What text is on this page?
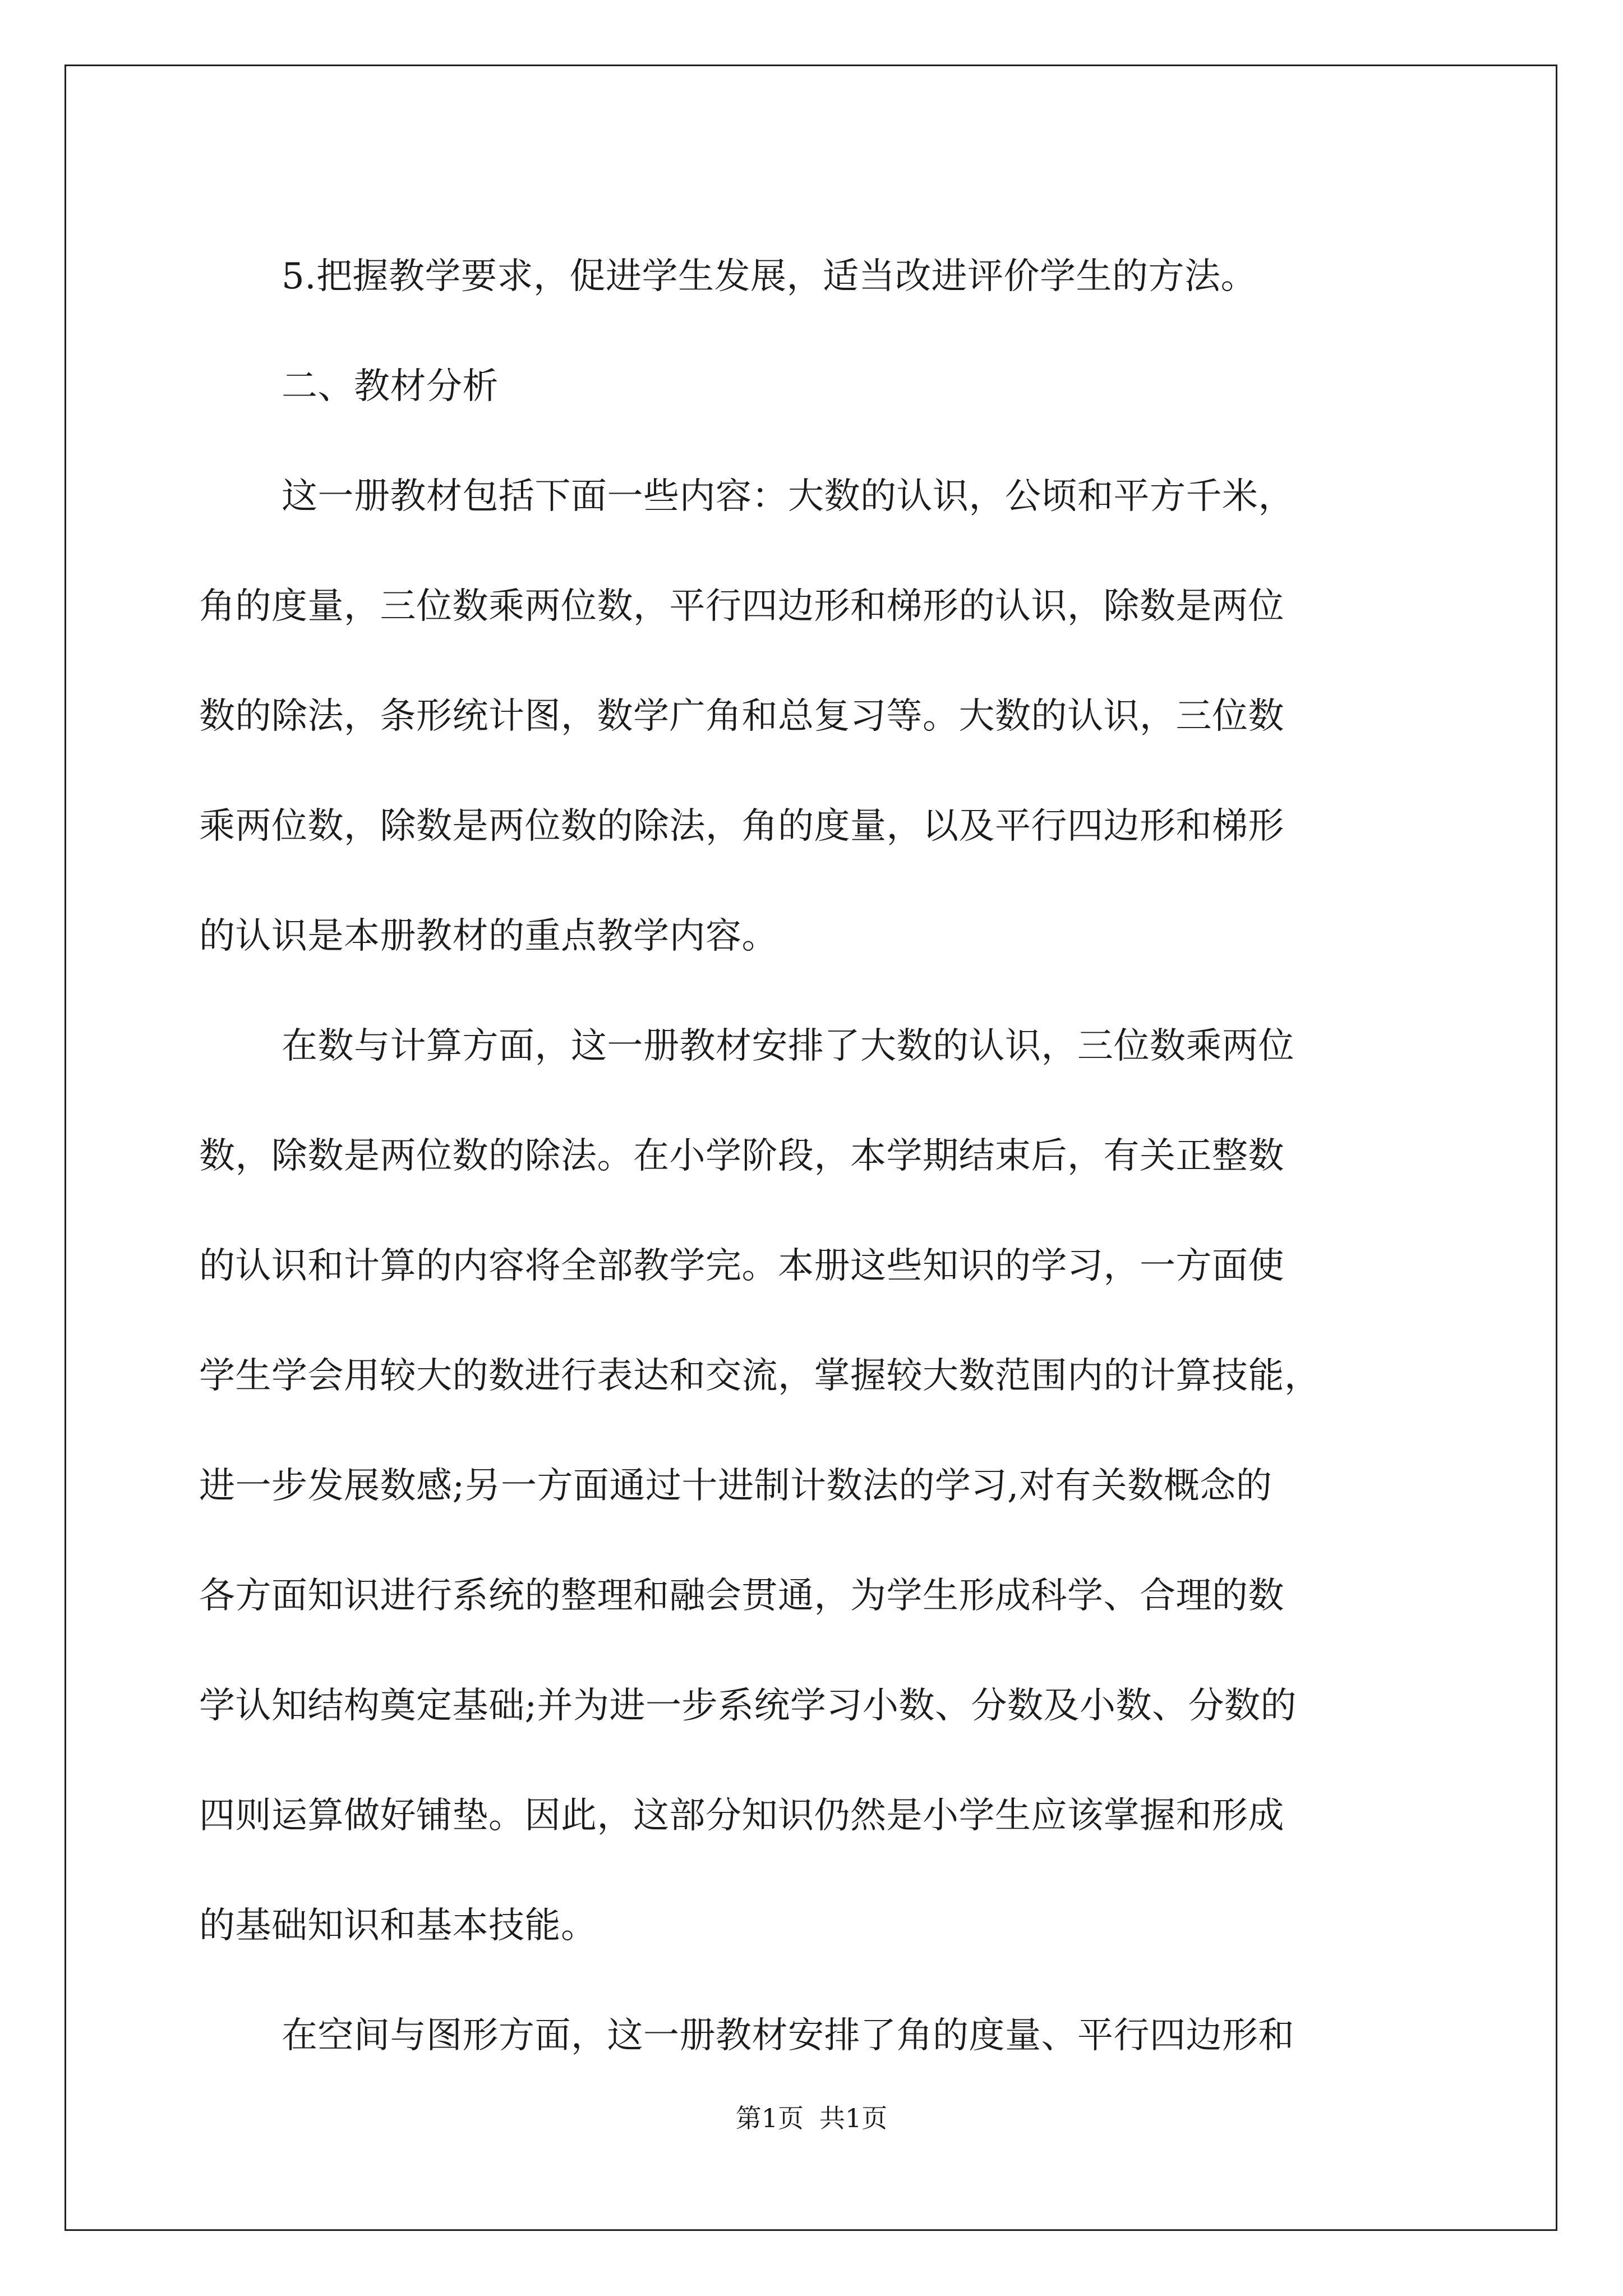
5.把握教学要求，促进学生发展，适当改进评价学生的方法。

二、教材分析

这一册教材包括下面一些内容：大数的认识，公顷和平方千米，
角的度量，三位数乘两位数，平行四边形和梯形的认识，除数是两位
数的除法，条形统计图，数学广角和总复习等。大数的认识，三位数
乘两位数，除数是两位数的除法，角的度量，以及平行四边形和梯形
的认识是本册教材的重点教学内容。

在数与计算方面，这一册教材安排了大数的认识，三位数乘两位
数，除数是两位数的除法。在小学阶段，本学期结束后，有关正整数
的认识和计算的内容将全部教学完。本册这些知识的学习，一方面使
学生学会用较大的数进行表达和交流，掌握较大数范围内的计算技能，
进一步发展数感;另一方面通过十进制计数法的学习,对有关数概念的
各方面知识进行系统的整理和融会贯通，为学生形成科学、合理的数
学认知结构奠定基础;并为进一步系统学习小数、分数及小数、分数的
四则运算做好铺垫。因此，这部分知识仍然是小学生应该掌握和形成
的基础知识和基本技能。

在空间与图形方面，这一册教材安排了角的度量、平行四边形和

第1页 共1页
